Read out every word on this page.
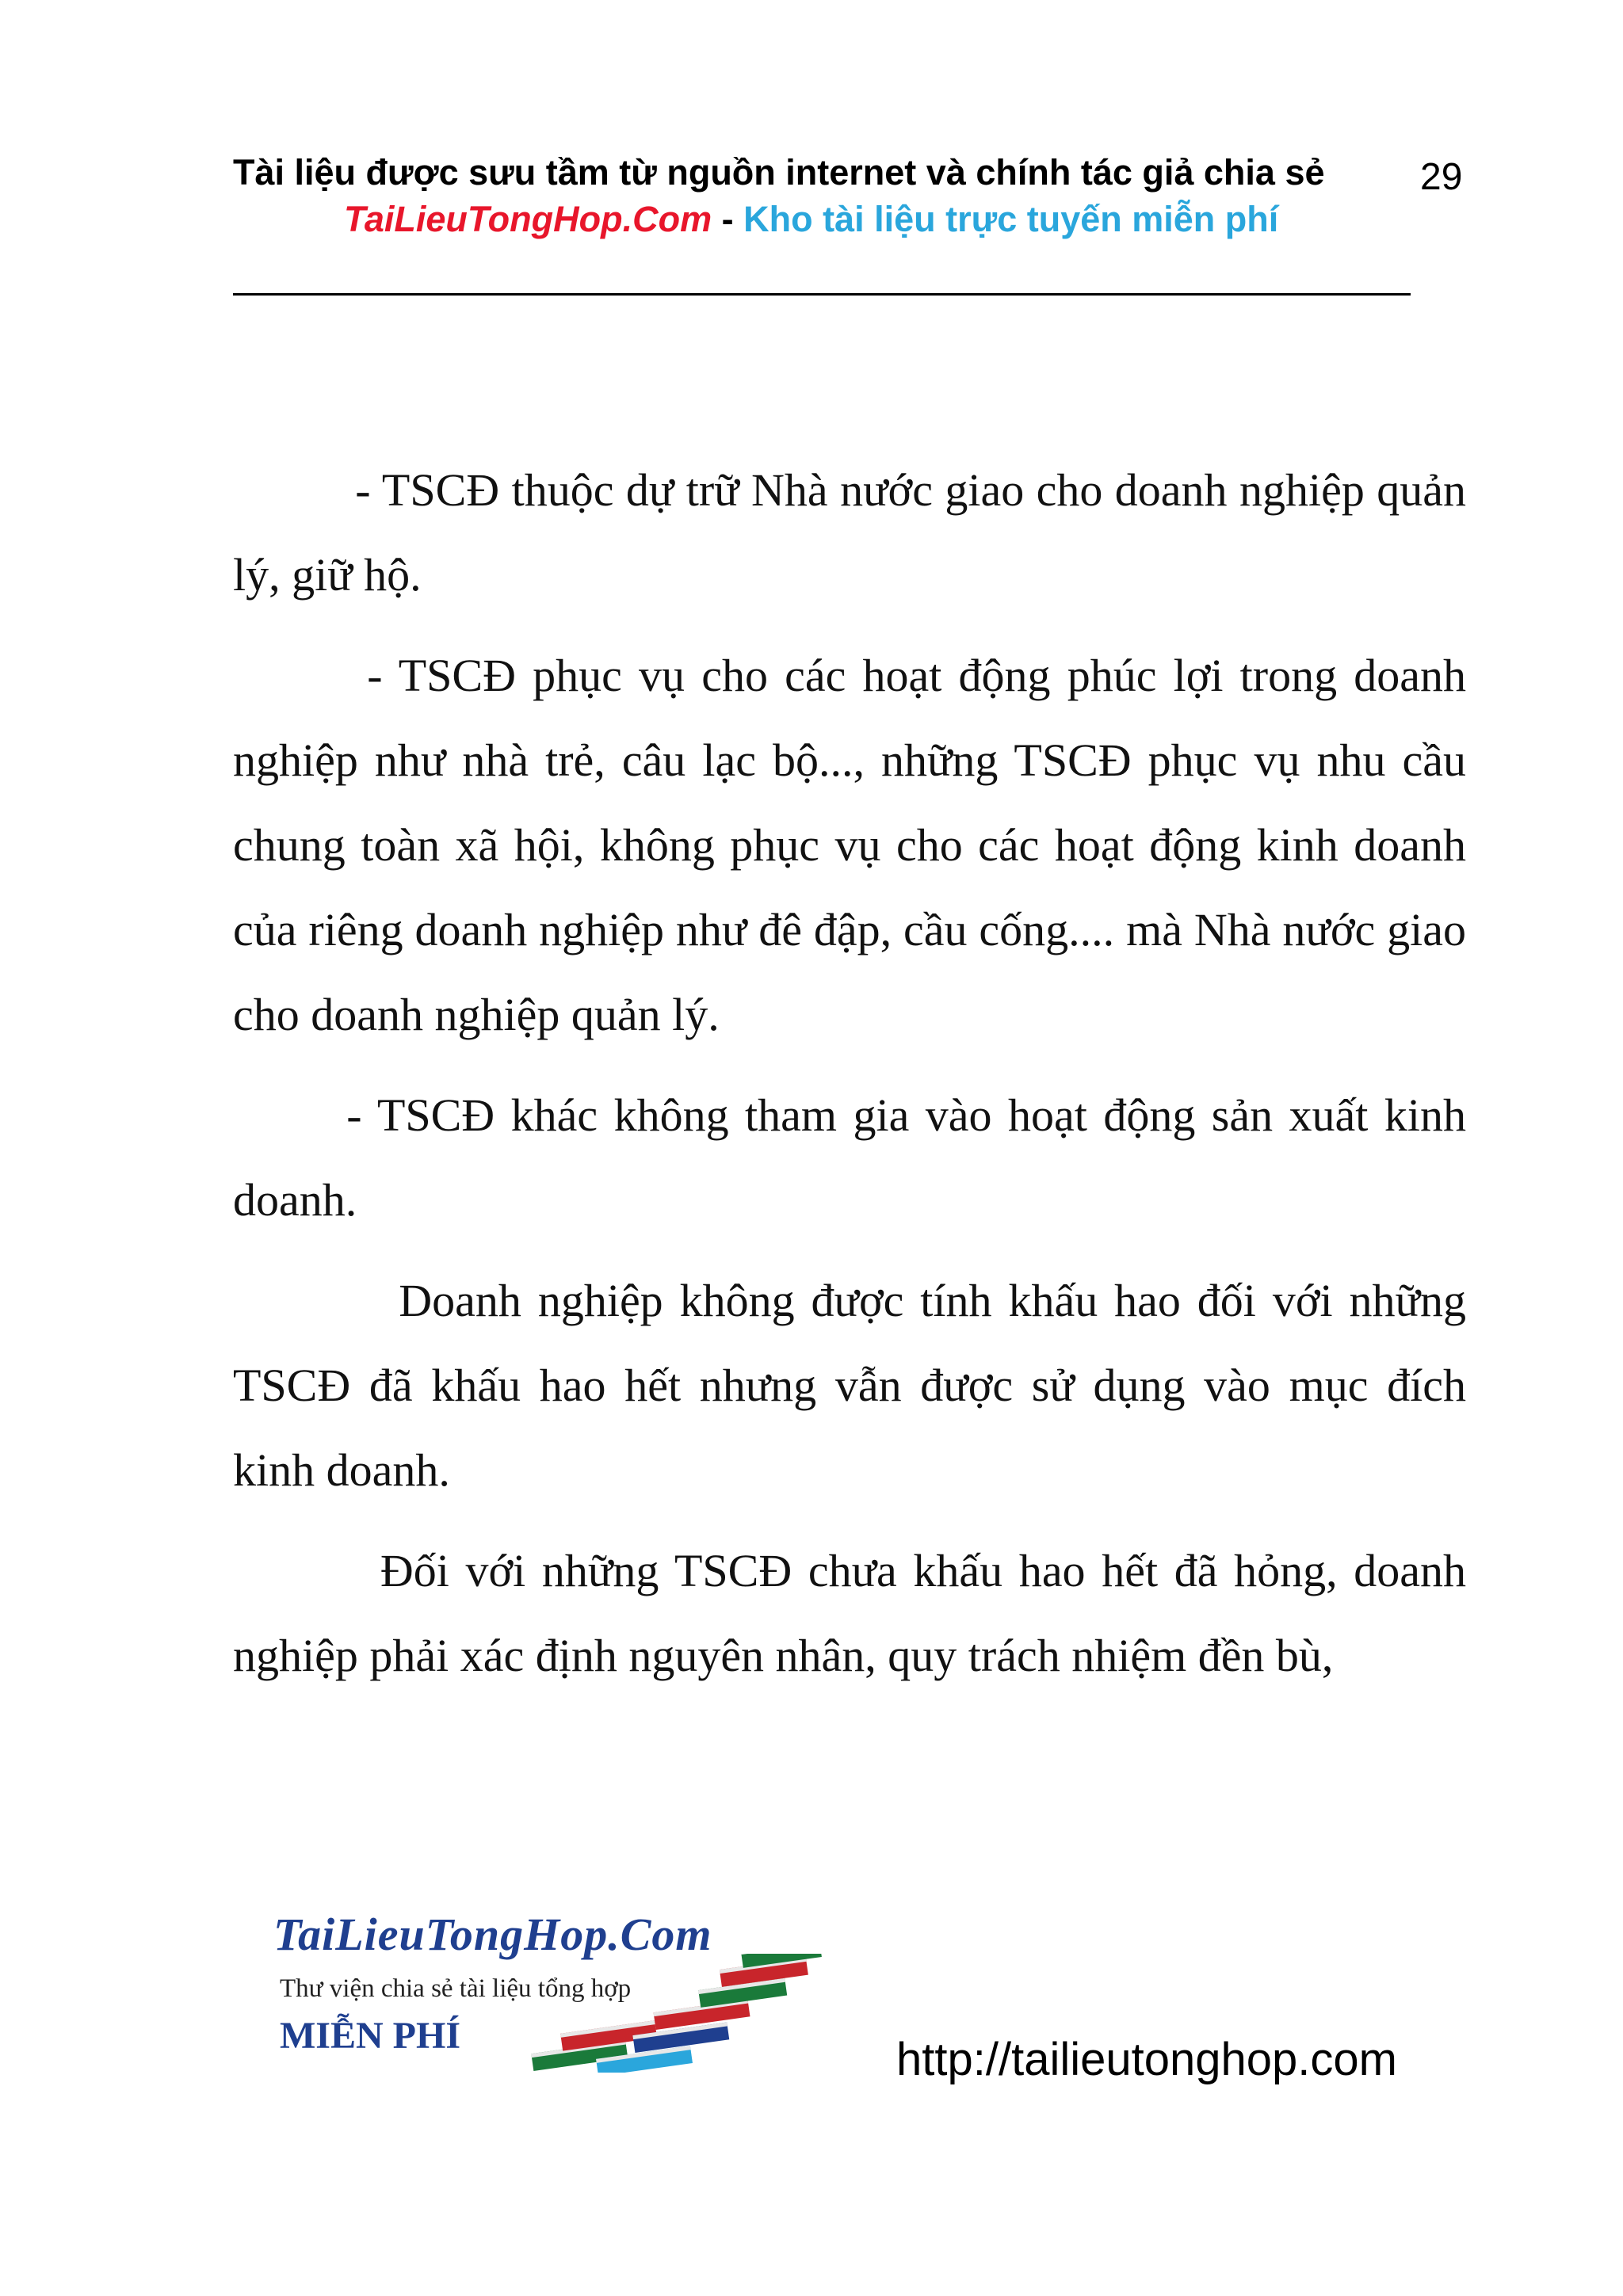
Tài liệu được sưu tầm từ nguồn internet và chính tác giả chia sẻ	29
TaiLieuTongHop.Com - Kho tài liệu trực tuyến miễn phí

- TSCĐ thuộc dự trữ Nhà nước giao cho doanh nghiệp quản lý, giữ hộ.

- TSCĐ phục vụ cho các hoạt động phúc lợi trong doanh nghiệp như nhà trẻ, câu lạc bộ..., những TSCĐ phục vụ nhu cầu chung toàn xã hội, không phục vụ cho các hoạt động kinh doanh của riêng doanh nghiệp như đê đập, cầu cống.... mà Nhà nước giao cho doanh nghiệp quản lý.

- TSCĐ khác không tham gia vào hoạt động sản xuất kinh doanh.

Doanh nghiệp không được tính khấu hao đối với những TSCĐ đã khấu hao hết nhưng vẫn được sử dụng vào mục đích kinh doanh.

Đối với những TSCĐ chưa khấu hao hết đã hỏng, doanh nghiệp phải xác định nguyên nhân, quy trách nhiệm đền bù,

TaiLieuTongHop.Com
Thư viện chia sẻ tài liệu tổng hợp
MIỄN PHÍ	http://tailieutonghop.com
